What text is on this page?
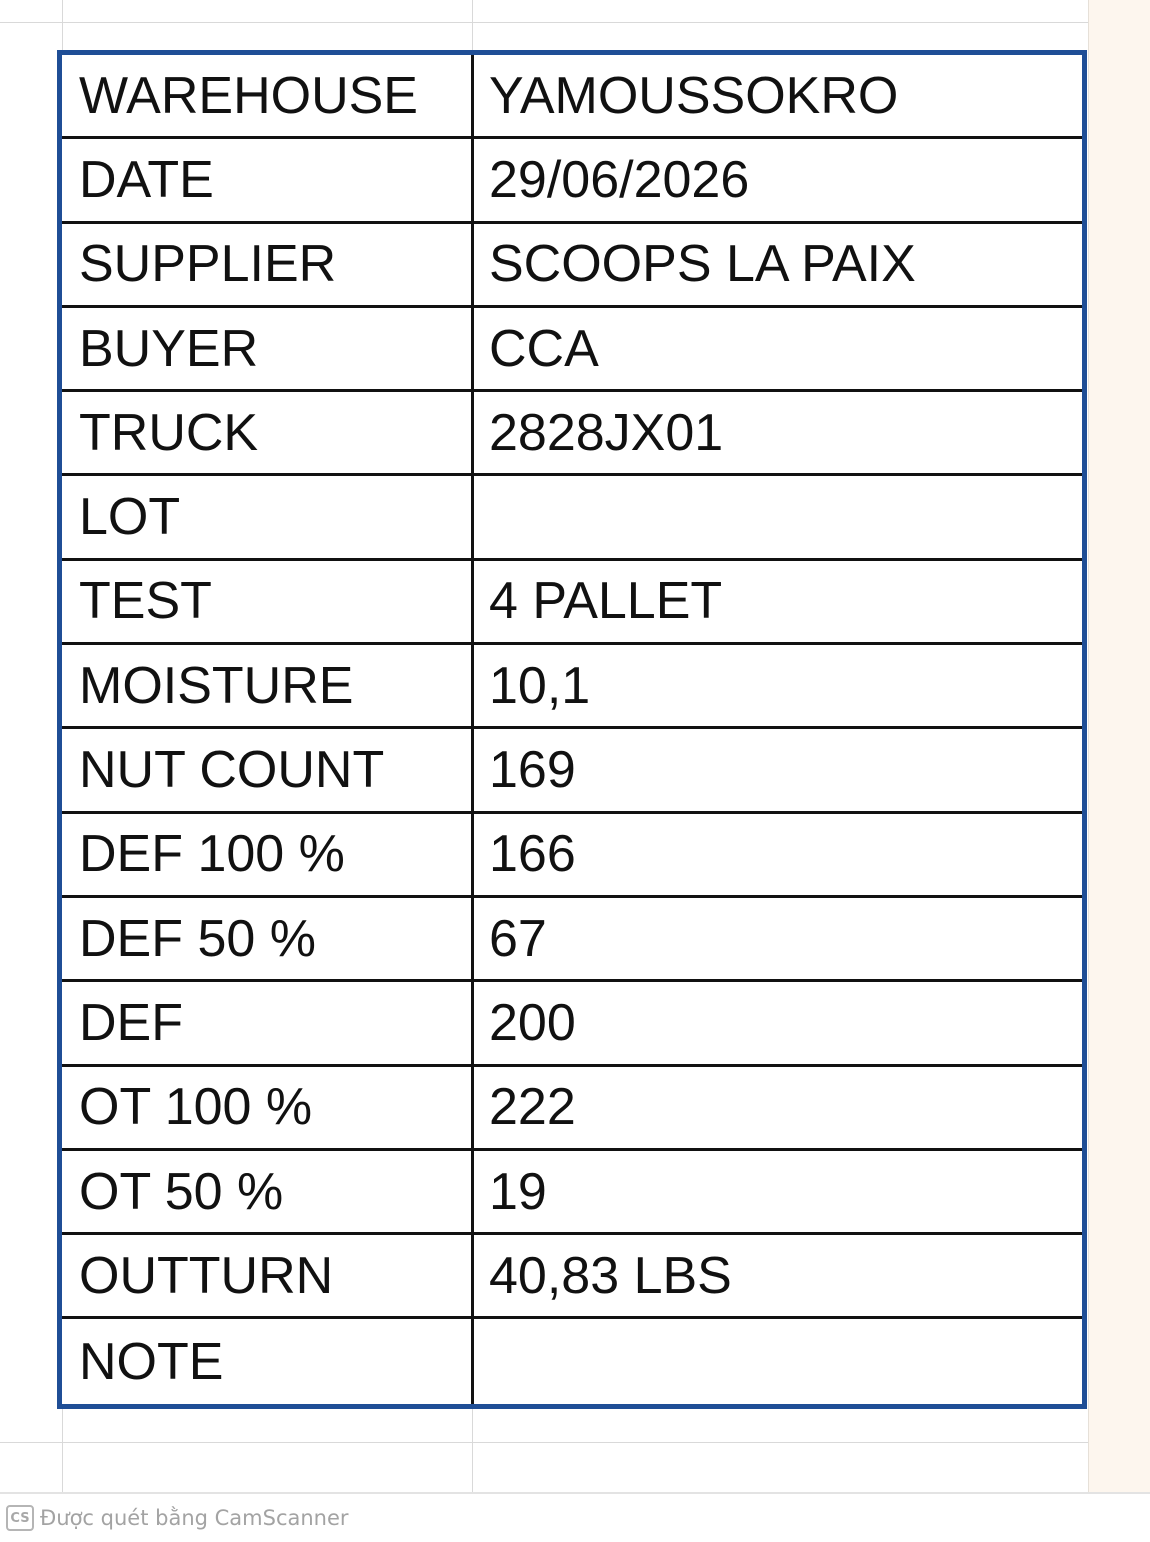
WAREHOUSE	YAMOUSSOKRO
DATE	29/06/2026
SUPPLIER	SCOOPS LA PAIX
BUYER	CCA
TRUCK	2828JX01
LOT
TEST	4 PALLET
MOISTURE	10,1
NUT COUNT	169
DEF 100 %	166
DEF 50 %	67
DEF	200
OT 100 %	222
OT 50 %	19
OUTTURN	40,83 LBS
NOTE
CS Được quét bằng CamScanner
